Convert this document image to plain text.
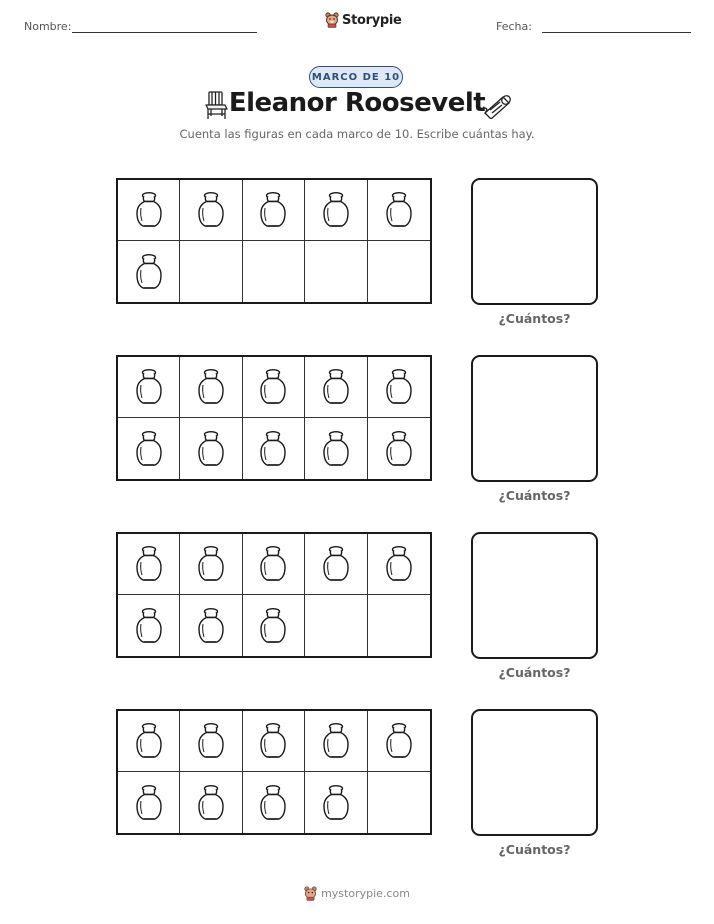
Nombre:	Storypie	Fecha:
MARCO DE 10
Eleanor Roosevelt
Cuenta las figuras en cada marco de 10. Escribe cuántas hay.
¿Cuántos?
¿Cuántos?
¿Cuántos?
¿Cuántos?
mystorypie.com
